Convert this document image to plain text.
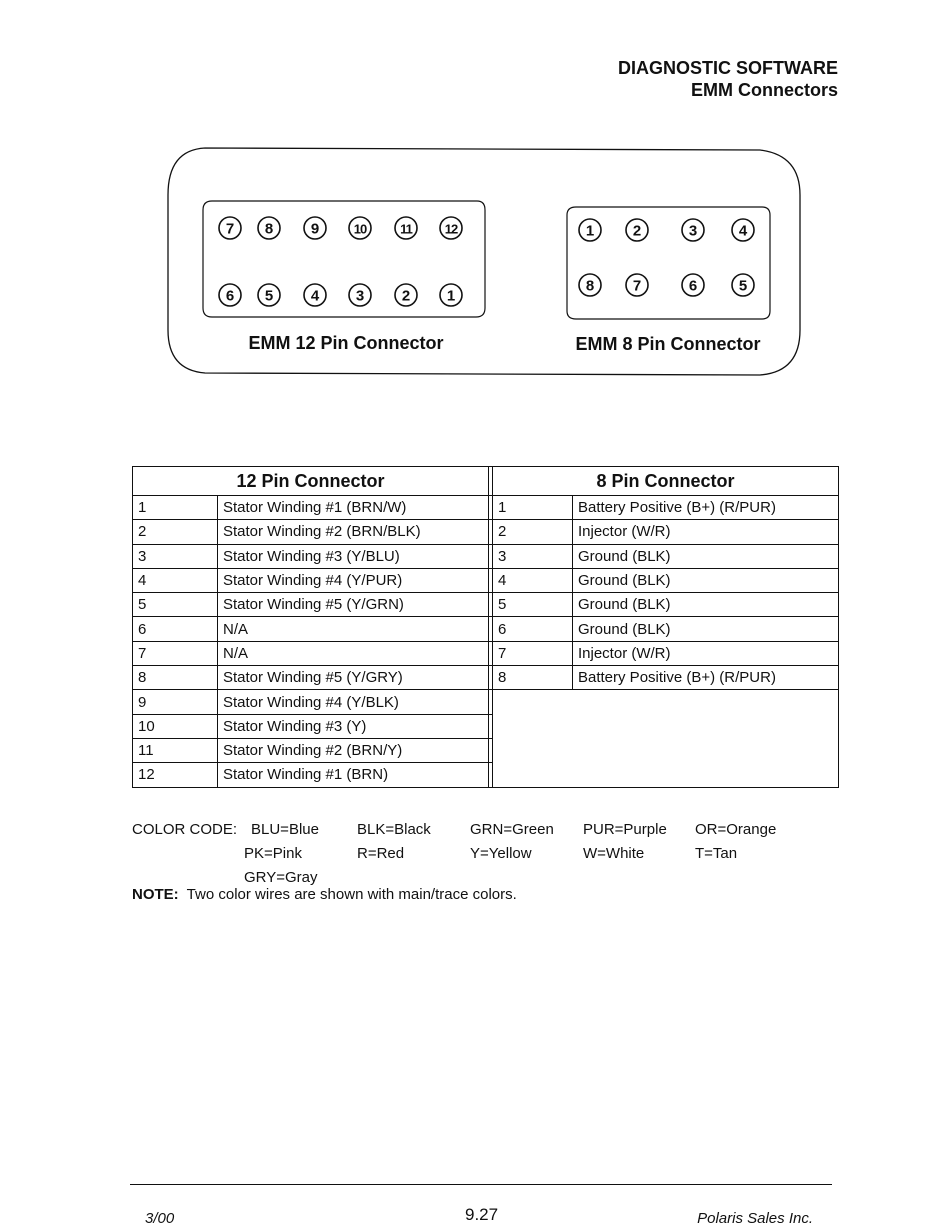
DIAGNOSTIC SOFTWARE
EMM Connectors
7 8	9	10	11	12
6 5	4 3	2 1
1	2	3	4
8	7	6	5
EMM 12 Pin Connector	EMM 8 Pin Connector
12 Pin Connector			8 Pin Connector	
1	Stator Winding #1 (BRN/W)		1	Battery Positive (B+) (R/PUR)
2	Stator Winding #2 (BRN/BLK)		2	Injector (W/R)
3	Stator Winding #3 (Y/BLU)		3	Ground (BLK)
4	Stator Winding #4 (Y/PUR)		4	Ground (BLK)
5	Stator Winding #5 (Y/GRN)		5	Ground (BLK)
6	N/A		6	Ground (BLK)
7	N/A		7	Injector (W/R)
8	Stator Winding #5 (Y/GRY)		8	Battery Positive (B+) (R/PUR)
9	Stator Winding #4 (Y/BLK)			
10	Stator Winding #3 (Y)			
11	Stator Winding #2 (BRN/Y)			
12	Stator Winding #1 (BRN)			
COLOR CODE: BLU=Blue	BLK=Black	GRN=Green PUR=Purple OR=Orange
PK=Pink	R=Red	Y=Yellow	W=White	T=Tan
GRY=Gray
NOTE: Two color wires are shown with main/trace colors.
3/00	9.27	Polaris Sales Inc.
